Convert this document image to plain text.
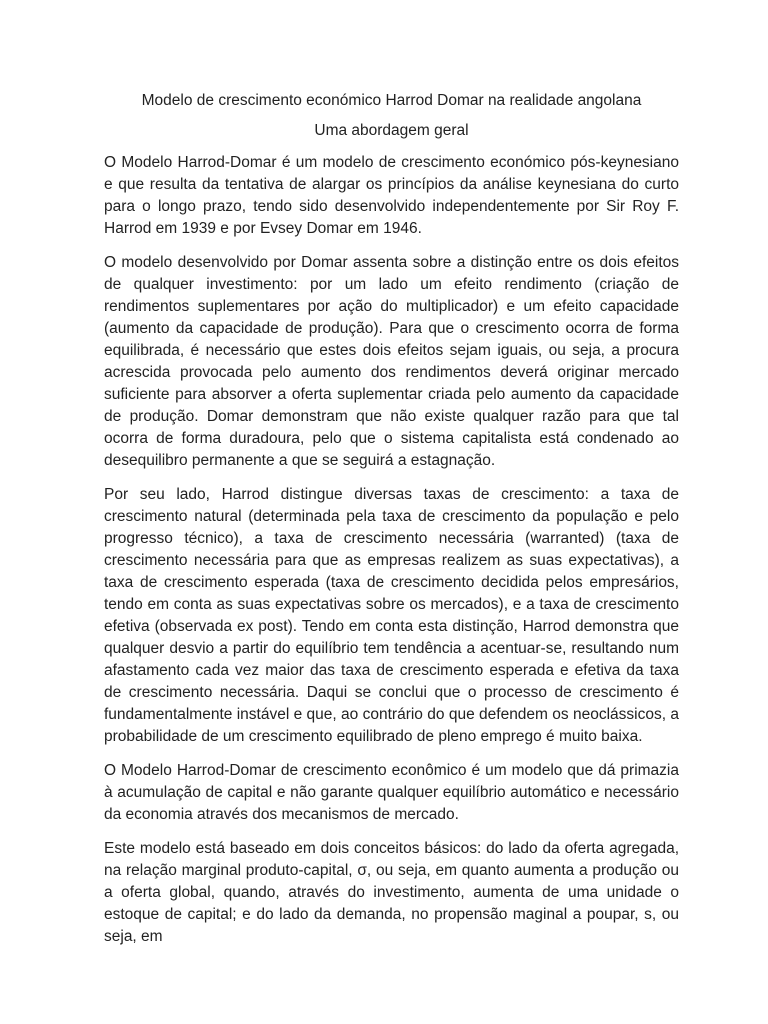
Modelo de crescimento económico Harrod Domar na realidade angolana
Uma abordagem geral

O Modelo Harrod-Domar é um modelo de crescimento económico pós-keynesiano e que resulta da tentativa de alargar os princípios da análise keynesiana do curto para o longo prazo, tendo sido desenvolvido independentemente por Sir Roy F. Harrod em 1939 e por Evsey Domar em 1946.

O modelo desenvolvido por Domar assenta sobre a distinção entre os dois efeitos de qualquer investimento: por um lado um efeito rendimento (criação de rendimentos suplementares por ação do multiplicador) e um efeito capacidade (aumento da capacidade de produção). Para que o crescimento ocorra de forma equilibrada, é necessário que estes dois efeitos sejam iguais, ou seja, a procura acrescida provocada pelo aumento dos rendimentos deverá originar mercado suficiente para absorver a oferta suplementar criada pelo aumento da capacidade de produção. Domar demonstram que não existe qualquer razão para que tal ocorra de forma duradoura, pelo que o sistema capitalista está condenado ao desequilibro permanente a que se seguirá a estagnação.

Por seu lado, Harrod distingue diversas taxas de crescimento: a taxa de crescimento natural (determinada pela taxa de crescimento da população e pelo progresso técnico), a taxa de crescimento necessária (warranted) (taxa de crescimento necessária para que as empresas realizem as suas expectativas), a taxa de crescimento esperada (taxa de crescimento decidida pelos empresários, tendo em conta as suas expectativas sobre os mercados), e a taxa de crescimento efetiva (observada ex post). Tendo em conta esta distinção, Harrod demonstra que qualquer desvio a partir do equilíbrio tem tendência a acentuar-se, resultando num afastamento cada vez maior das taxa de crescimento esperada e efetiva da taxa de crescimento necessária. Daqui se conclui que o processo de crescimento é fundamentalmente instável e que, ao contrário do que defendem os neoclássicos, a probabilidade de um crescimento equilibrado de pleno emprego é muito baixa.

O Modelo Harrod-Domar de crescimento econômico é um modelo que dá primazia à acumulação de capital e não garante qualquer equilíbrio automático e necessário da economia através dos mecanismos de mercado.

Este modelo está baseado em dois conceitos básicos: do lado da oferta agregada, na relação marginal produto-capital, σ, ou seja, em quanto aumenta a produção ou a oferta global, quando, através do investimento, aumenta de uma unidade o estoque de capital; e do lado da demanda, no propensão maginal a poupar, s, ou seja, em
